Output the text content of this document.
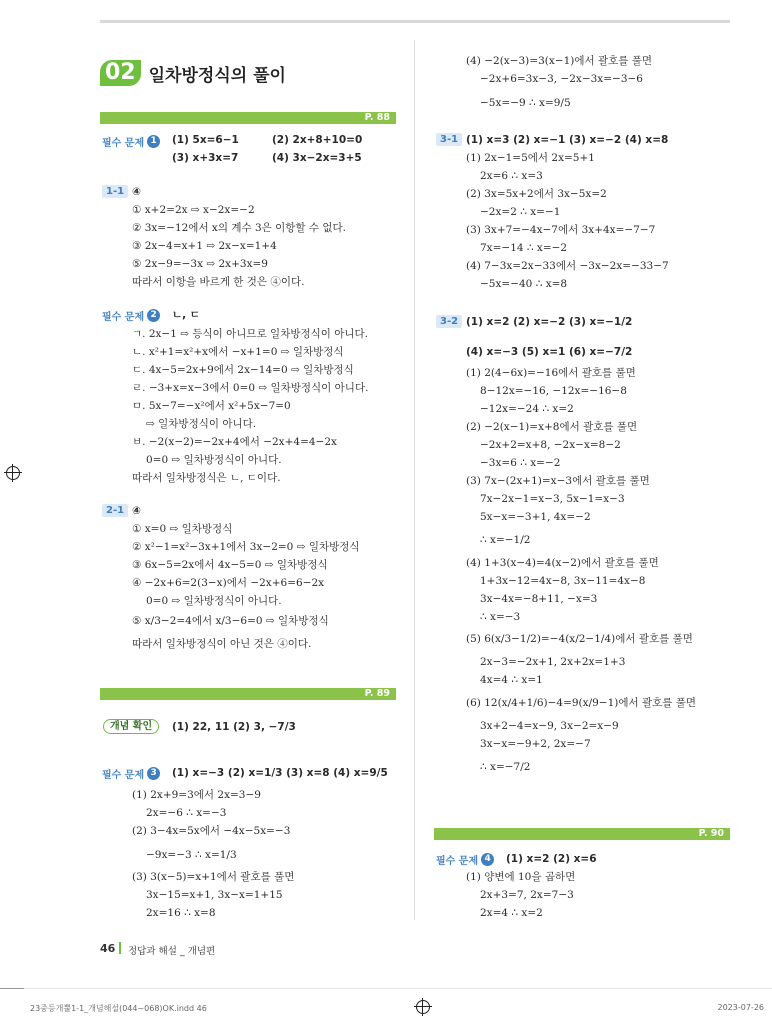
02 일차방정식의 풀이
P. 88
필수 문제 1	(1) 5x=6−1	(2) 2x+8+10=0
(3) x+3x=7	(4) 3x−2x=3+5
1-1 ④
① x+2=2x ⇨ x−2x=−2
② 3x=−12에서 x의 계수 3은 이항할 수 없다.
③ 2x−4=x+1 ⇨ 2x−x=1+4
⑤ 2x−9=−3x ⇨ 2x+3x=9
따라서 이항을 바르게 한 것은 ④이다.
필수 문제 2	ㄴ, ㄷ
ㄱ. 2x−1 ⇨ 등식이 아니므로 일차방정식이 아니다.
ㄴ. x²+1=x²+x에서 −x+1=0 ⇨ 일차방정식
ㄷ. 4x−5=2x+9에서 2x−14=0 ⇨ 일차방정식
ㄹ. −3+x=x−3에서 0=0 ⇨ 일차방정식이 아니다.
ㅁ. 5x−7=−x²에서 x²+5x−7=0
⇨ 일차방정식이 아니다.
ㅂ. −2(x−2)=−2x+4에서 −2x+4=4−2x
0=0 ⇨ 일차방정식이 아니다.
따라서 일차방정식은 ㄴ, ㄷ이다.
2-1 ④
① x=0 ⇨ 일차방정식
② x²−1=x²−3x+1에서 3x−2=0 ⇨ 일차방정식
③ 6x−5=2x에서 4x−5=0 ⇨ 일차방정식
④ −2x+6=2(3−x)에서 −2x+6=6−2x
0=0 ⇨ 일차방정식이 아니다.
⑤ x/3−2=4에서 x/3−6=0 ⇨ 일차방정식
따라서 일차방정식이 아닌 것은 ④이다.
P. 89
개념 확인	(1) 22, 11 (2) 3, −7/3
필수 문제 3	(1) x=−3 (2) x=1/3 (3) x=8 (4) x=9/5
(1) 2x+9=3에서 2x=3−9
2x=−6 ∴ x=−3
(2) 3−4x=5x에서 −4x−5x=−3
−9x=−3 ∴ x=1/3
(3) 3(x−5)=x+1에서 괄호를 풀면
3x−15=x+1, 3x−x=1+15
2x=16 ∴ x=8
(4) −2(x−3)=3(x−1)에서 괄호를 풀면
−2x+6=3x−3, −2x−3x=−3−6
−5x=−9 ∴ x=9/5
3-1 (1) x=3 (2) x=−1 (3) x=−2 (4) x=8
(1) 2x−1=5에서 2x=5+1
2x=6 ∴ x=3
(2) 3x=5x+2에서 3x−5x=2
−2x=2 ∴ x=−1
(3) 3x+7=−4x−7에서 3x+4x=−7−7
7x=−14 ∴ x=−2
(4) 7−3x=2x−33에서 −3x−2x=−33−7
−5x=−40 ∴ x=8
3-2 (1) x=2 (2) x=−2 (3) x=−1/2
(4) x=−3 (5) x=1 (6) x=−7/2
(1) 2(4−6x)=−16에서 괄호를 풀면
8−12x=−16, −12x=−16−8
−12x=−24 ∴ x=2
(2) −2(x−1)=x+8에서 괄호를 풀면
−2x+2=x+8, −2x−x=8−2
−3x=6 ∴ x=−2
(3) 7x−(2x+1)=x−3에서 괄호를 풀면
7x−2x−1=x−3, 5x−1=x−3
5x−x=−3+1, 4x=−2
∴ x=−1/2
(4) 1+3(x−4)=4(x−2)에서 괄호를 풀면
1+3x−12=4x−8, 3x−11=4x−8
3x−4x=−8+11, −x=3
∴ x=−3
(5) 6(x/3−1/2)=−4(x/2−1/4)에서 괄호를 풀면
2x−3=−2x+1, 2x+2x=1+3
4x=4 ∴ x=1
(6) 12(x/4+1/6)−4=9(x/9−1)에서 괄호를 풀면
3x+2−4=x−9, 3x−2=x−9
3x−x=−9+2, 2x=−7
∴ x=−7/2
P. 90
필수 문제 4	(1) x=2 (2) x=6
(1) 양변에 10을 곱하면
2x+3=7, 2x=7−3
2x=4 ∴ x=2
46 정답과 해설 _ 개념편
23중등개뿔1-1_개념해설(044~068)OK.indd 46	2023-07-26
